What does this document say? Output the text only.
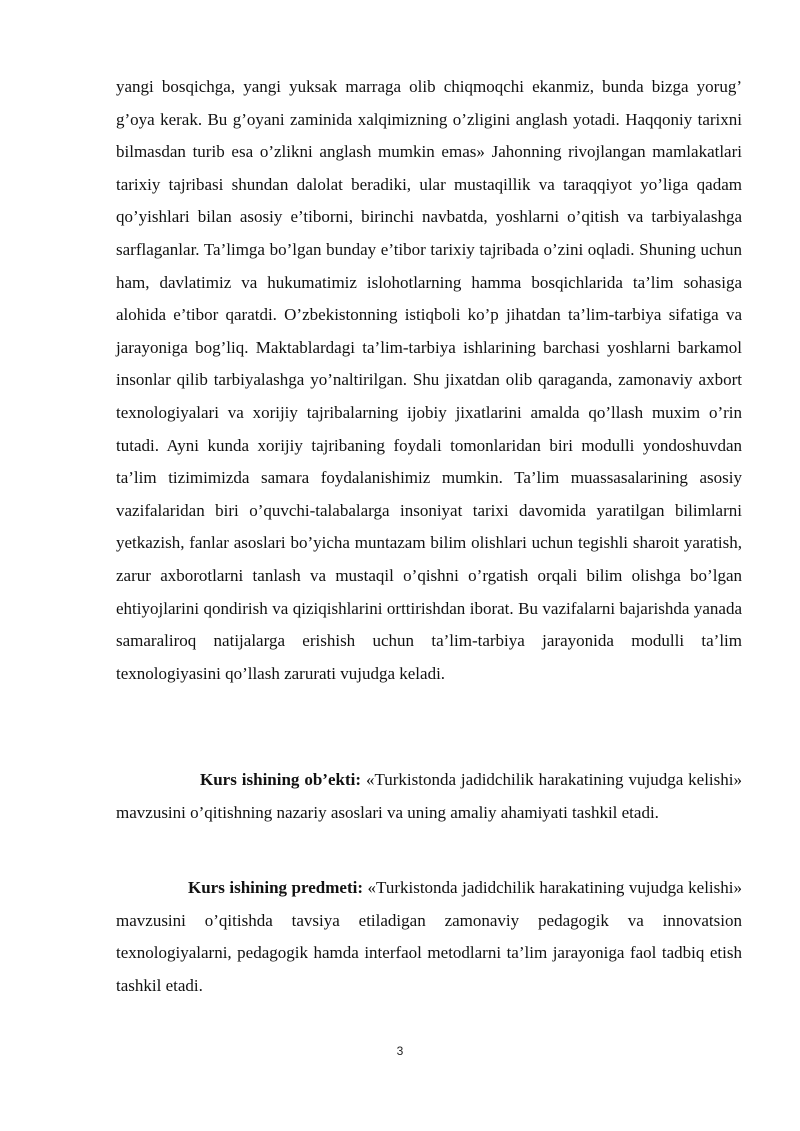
yangi bosqichga, yangi yuksak marraga olib chiqmoqchi ekanmiz, bunda bizga yorug’ g’oya kerak. Bu g’oyani zaminida xalqimizning o’zligini anglash yotadi. Haqqoniy tarixni bilmasdan turib esa o’zlikni anglash mumkin emas» Jahonning rivojlangan mamlakatlari tarixiy tajribasi shundan dalolat beradiki, ular mustaqillik va taraqqiyot yo’liga qadam qo’yishlari bilan asosiy e’tiborni, birinchi navbatda, yoshlarni o’qitish va tarbiyalashga sarflaganlar. Ta’limga bo’lgan bunday e’tibor tarixiy tajribada o’zini oqladi. Shuning uchun ham, davlatimiz va hukumatimiz islohotlarning hamma bosqichlarida ta’lim sohasiga alohida e’tibor qaratdi. O’zbekistonning istiqboli ko’p jihatdan ta’lim-tarbiya sifatiga va jarayoniga bog’liq. Maktablardagi ta’lim-tarbiya ishlarining barchasi yoshlarni barkamol insonlar qilib tarbiyalashga yo’naltirilgan. Shu jixatdan olib qaraganda, zamonaviy axbort texnologiyalari va xorijiy tajribalarning ijobiy jixatlarini amalda qo’llash muxim o’rin tutadi. Ayni kunda xorijiy tajribaning foydali tomonlaridan biri modulli yondoshuvdan ta’lim tizimimizda samara foydalanishimiz mumkin. Ta’lim muassasalarining asosiy vazifalaridan biri o’quvchi-talabalarga insoniyat tarixi davomida yaratilgan bilimlarni yetkazish, fanlar asoslari bo’yicha muntazam bilim olishlari uchun tegishli sharoit yaratish, zarur axborotlarni tanlash va mustaqil o’qishni o’rgatish orqali bilim olishga bo’lgan ehtiyojlarini qondirish va qiziqishlarini orttirishdan iborat. Bu vazifalarni bajarishda yanada samaraliroq natijalarga erishish uchun ta’lim-tarbiya jarayonida modulli ta’lim texnologiyasini qo’llash zarurati vujudga keladi.

Kurs ishining ob’ekti: «Turkistonda jadidchilik harakatining vujudga kelishi» mavzusini o’qitishning nazariy asoslari va uning amaliy ahamiyati tashkil etadi.

Kurs ishining predmeti: «Turkistonda jadidchilik harakatining vujudga kelishi» mavzusini o’qitishda tavsiya etiladigan zamonaviy pedagogik va innovatsion texnologiyalarni, pedagogik hamda interfaol metodlarni ta’lim jarayoniga faol tadbiq etish tashkil etadi.

3
